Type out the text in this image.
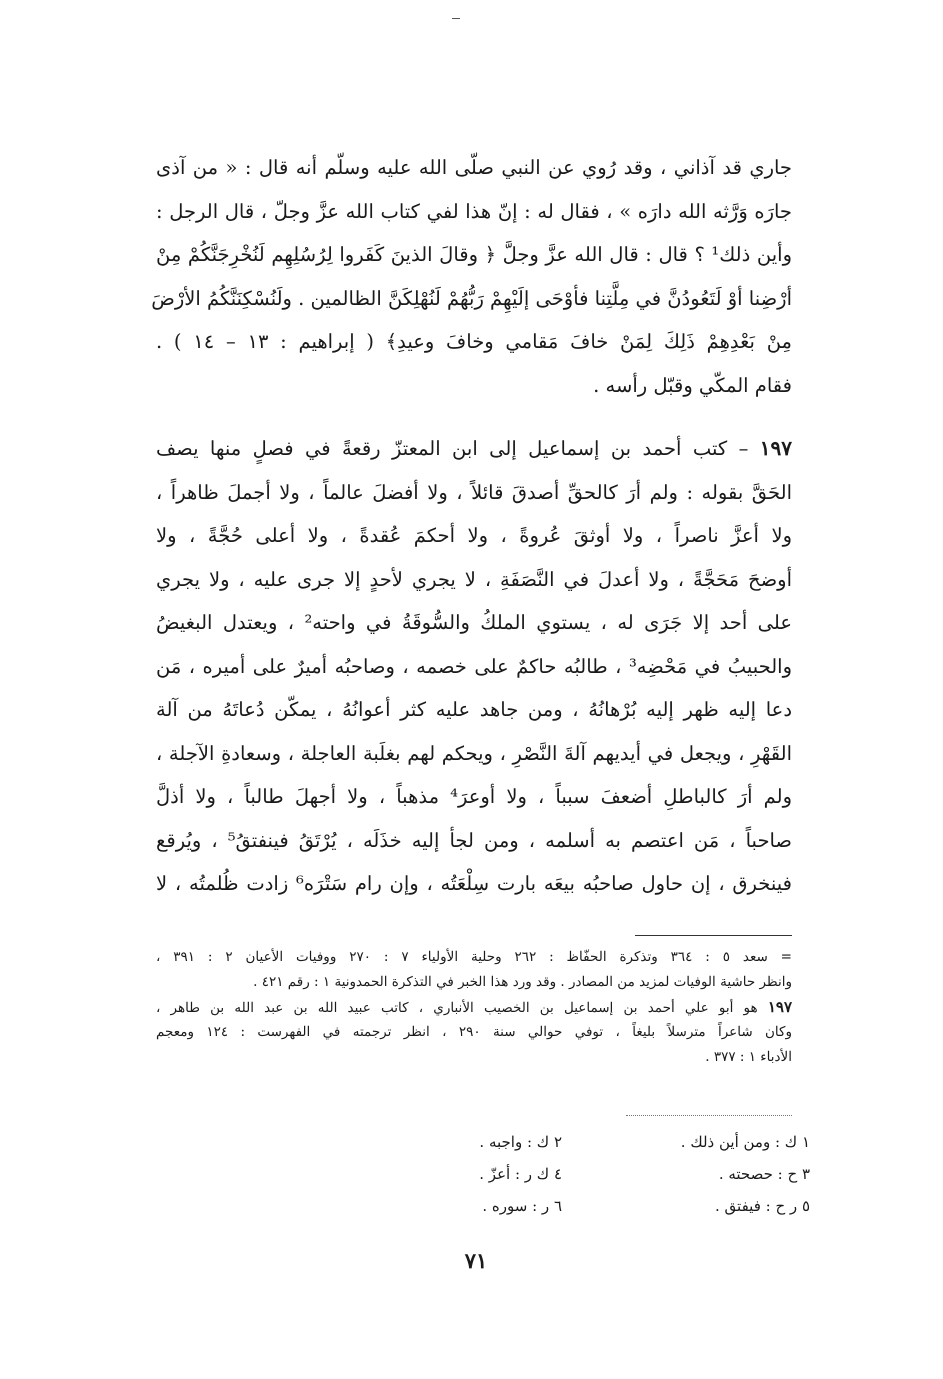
جاري قد آذاني ، وقد رُوي عن النبي صلّى الله عليه وسلّم أنه قال : « من آذى
جارَه وَرَّثه الله دارَه » ، فقال له : إنّ هذا لفي كتاب الله عزَّ وجلّ ، قال الرجل :
وأين ذلك¹ ؟ قال : قال الله عزَّ وجلَّ ﴿ وقالَ الذينَ كَفَروا لِرُسُلِهِم لَنُخْرِجَنَّكُمْ مِنْ
أرْضِنا أوْ لَتَعُودُنَّ في مِلَّتِنا فأوْحَى إلَيْهِمْ رَبُّهُمْ لَنُهْلِكَنَّ الظالمين . ولَنُسْكِنَنَّكُمُ الأرْضَ
مِنْ بَعْدِهِمْ ذَلِكَ لِمَنْ خافَ مَقامي وخافَ وعيدِ﴾ ( إبراهيم : ١٣ – ١٤ ) .
فقام المكّي وقبّل رأسه .
١٩٧ – كتب أحمد بن إسماعيل إلى ابن المعتزّ رقعةً في فصلٍ منها يصف
الحَقَّ بقوله : ولم أرَ كالحقِّ أصدقَ قائلاً ، ولا أفضلَ عالماً ، ولا أجملَ ظاهراً ،
ولا أعزَّ ناصراً ، ولا أوثقَ عُروةً ، ولا أحكمَ عُقدةً ، ولا أعلى حُجَّةً ، ولا
أوضحَ مَحَجَّةً ، ولا أعدلَ في النَّصَفَةِ ، لا يجري لأحدٍ إلا جرى عليه ، ولا يجري
على أحد إلا جَرَى له ، يستوي الملكُ والسُّوقَةُ في واحته² ، ويعتدل البغيضُ
والحبيبُ في مَحْضِه³ ، طالبُه حاكمٌ على خصمه ، وصاحبُه أميرٌ على أميره ، مَن
دعا إليه ظهر إليه بُرْهانُهُ ، ومن جاهد عليه كثر أعوانُهُ ، يمكّن دُعاتَهُ من آلة
القَهْرِ ، ويجعل في أيديهم آلةَ النَّصْرِ ، ويحكم لهم بغلَبة العاجلة ، وسعادةِ الآجلة ،
ولم أرَ كالباطلِ أضعفَ سبباً ، ولا أوعرَ⁴ مذهباً ، ولا أجهلَ طالباً ، ولا أذلَّ
صاحباً ، مَن اعتصم به أسلمه ، ومن لجأ إليه خذَلَه ، يُرْتَقُ فينفتقُ⁵ ، ويُرقع
فينخرق ، إن حاول صاحبُه بيعَه بارت سِلْعَتُه ، وإن رام سَتْرَه⁶ زادت ظُلمتُه ، لا
= سعد ٥ : ٣٦٤ وتذكرة الحفّاظ : ٢٦٢ وحلية الأولياء ٧ : ٢٧٠ ووفيات الأعيان ٢ : ٣٩١ ،
وانظر حاشية الوفيات لمزيد من المصادر . وقد ورد هذا الخبر في التذكرة الحمدونية ١ : رقم ٤٢١ .
١٩٧ هو أبو علي أحمد بن إسماعيل بن الخصيب الأنباري ، كاتب عبيد الله بن عبد الله بن طاهر ،
وكان شاعراً مترسلاً بليغاً ، توفي حوالي سنة ٢٩٠ ، انظر ترجمته في الفهرست : ١٢٤ ومعجم
الأدباء ١ : ٣٧٧ .
١ ك : ومن أين ذلك .
٢ ك : واجبه .
٣ ح : حصحته .
٤ ك ر : أعزّ .
٥ ر ح : فيفتق .
٦ ر : سوره .
٧١
